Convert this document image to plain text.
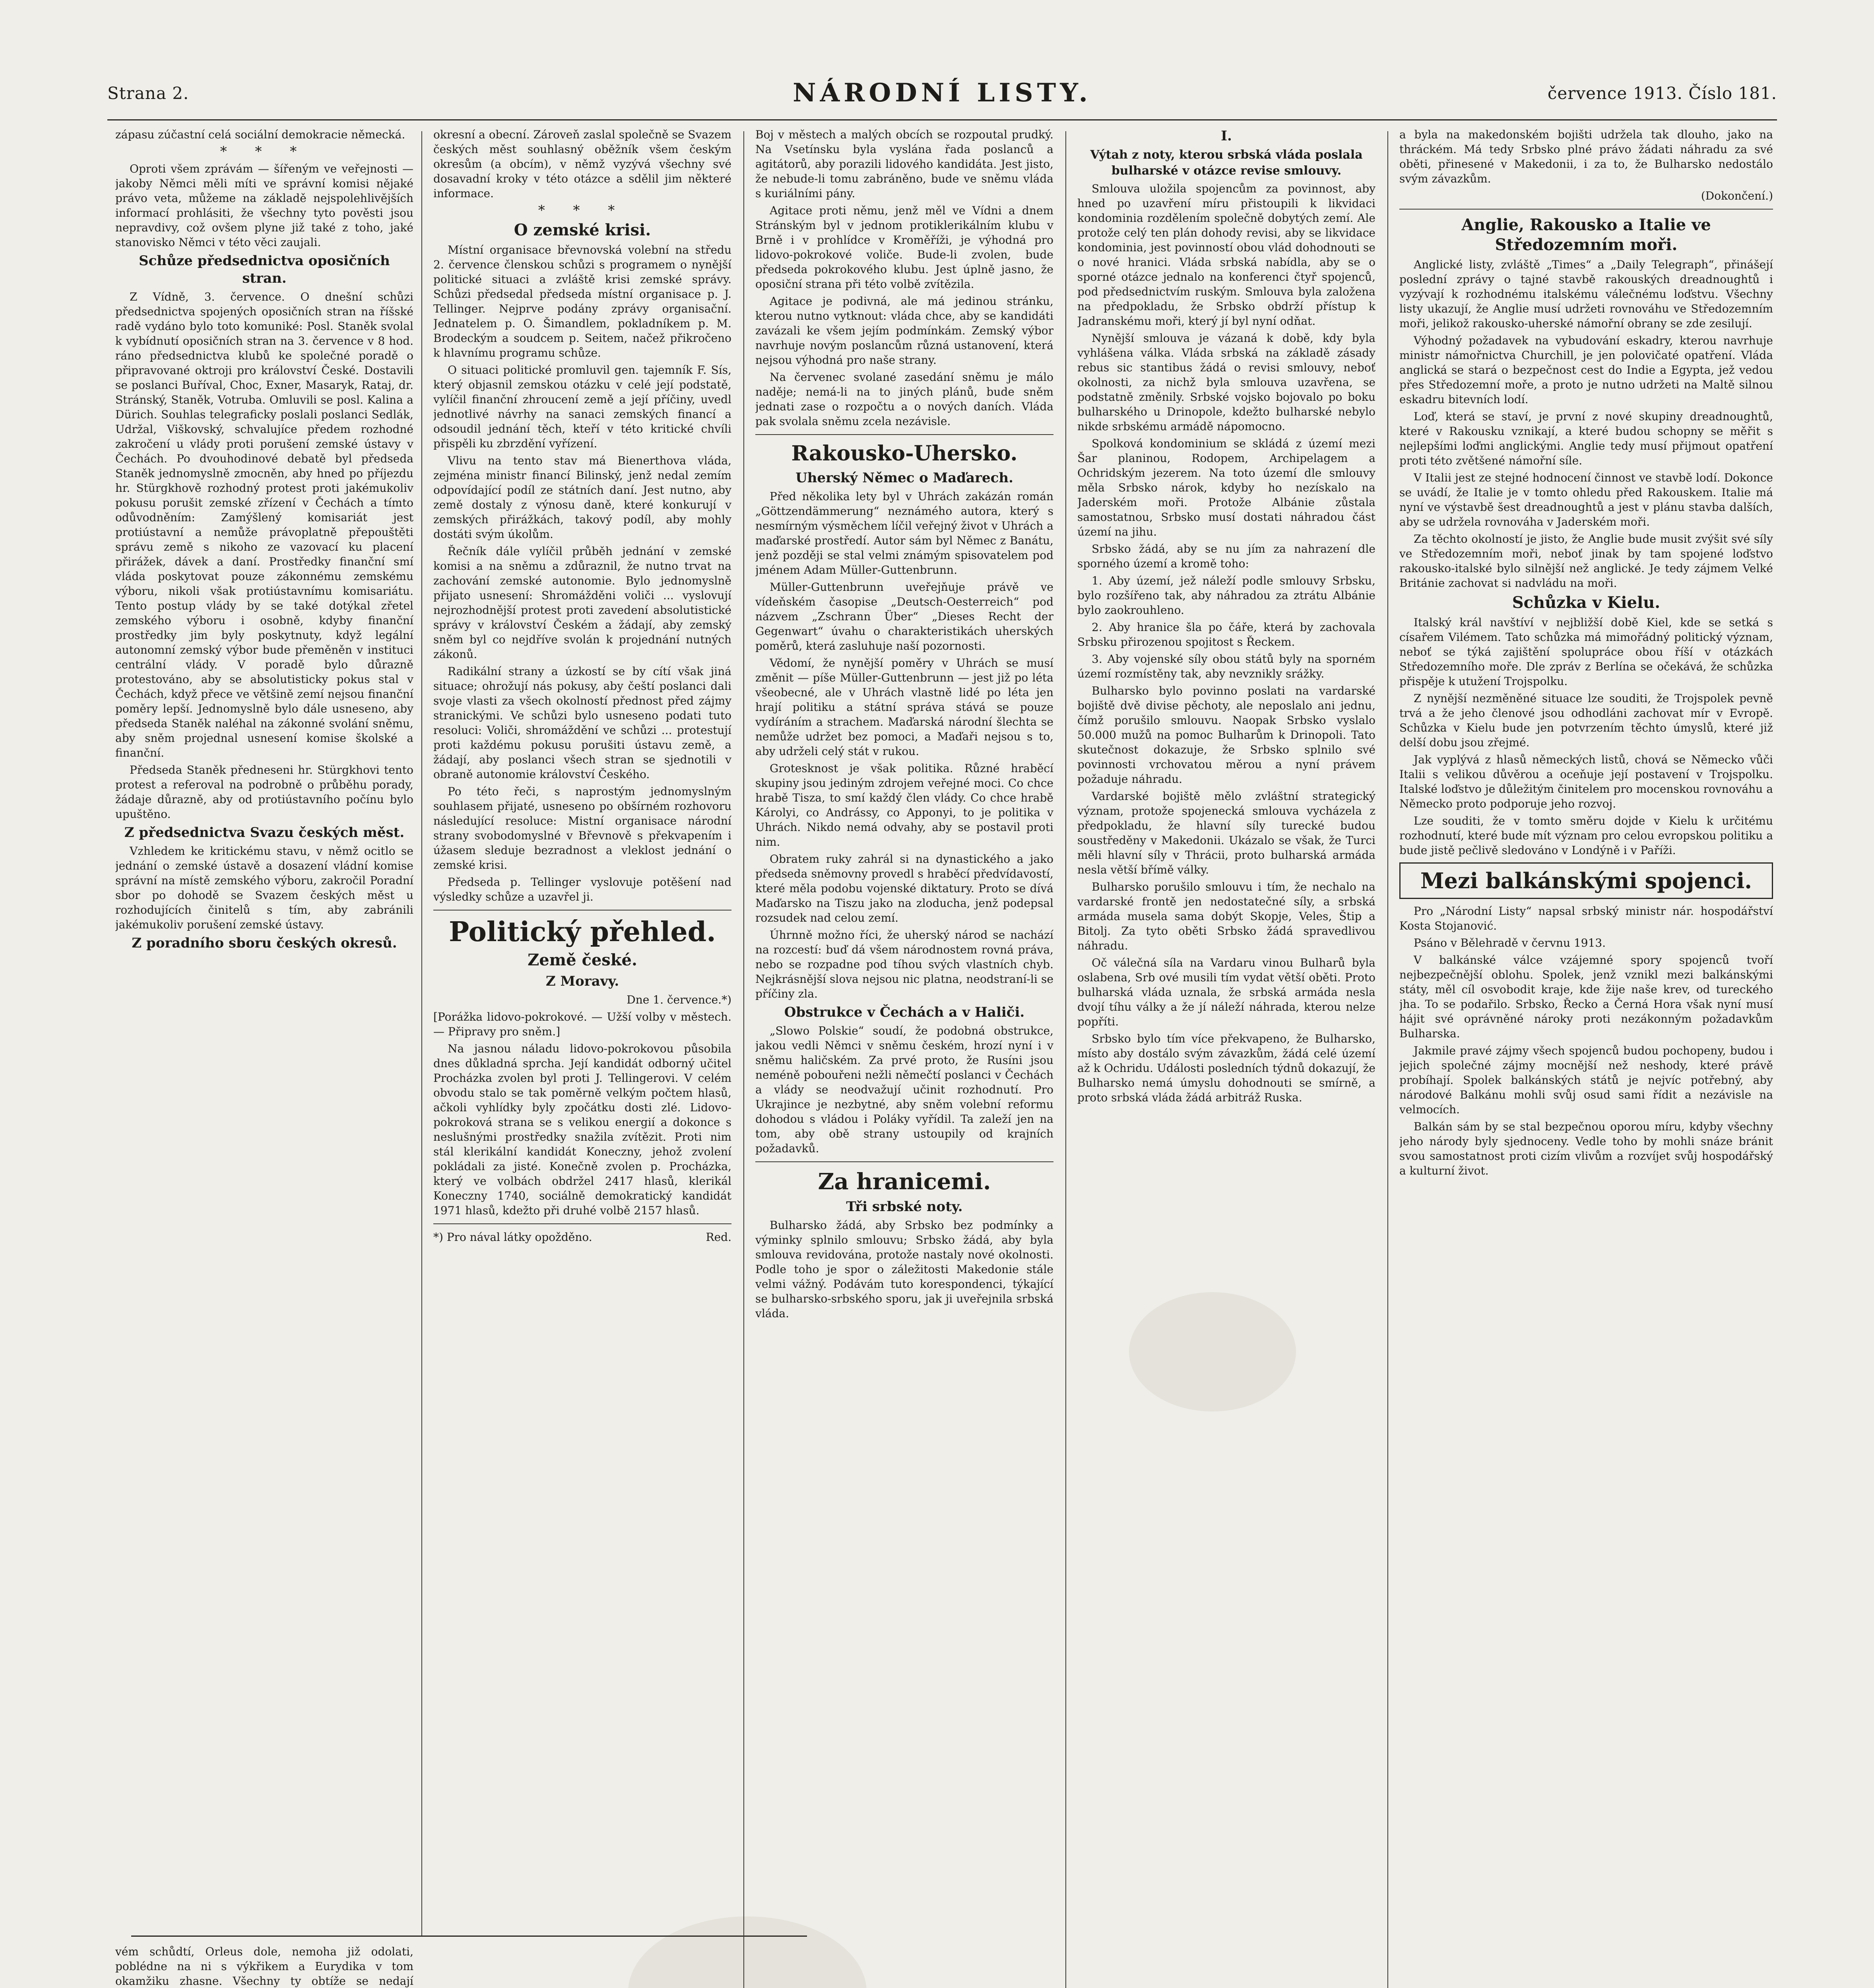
Strana 2.	NÁRODNÍ LISTY.	července 1913. Číslo 181.

zápasu zúčastní celá sociální demokracie německá.

* * *

Oproti všem zprávám — šířeným ve veřejnosti — jakoby Němci měli míti ve správní komisi nějaké právo veta, můžeme na základě nejspolehlivějších informací prohlásiti, že všechny tyto pověsti jsou nepravdivy, což ovšem plyne již také z toho, jaké stanovisko Němci v této věci zaujali.

Schůze předsednictva oposičních stran.

Z Vídně, 3. července. O dnešní schůzi předsednictva spojených oposičních stran na říšské radě vydáno bylo toto komuniké: Posl. Staněk svolal k vybídnutí oposičních stran na 3. července v 8 hod. ráno předsednictva klubů ke společné poradě o připravované oktroji pro království České. Dostavili se poslanci Buříval, Choc, Exner, Masaryk, Rataj, dr. Stránský, Staněk, Votruba. Omluvili se posl. Kalina a Dürich. Souhlas telegraficky poslali poslanci Sedlák, Udržal, Viškovský, schvalujíce předem rozhodné zakročení u vlády proti porušení zemské ústavy v Čechách. Po dvouhodinové debatě byl předseda Staněk jednomyslně zmocněn, aby hned po příjezdu hr. Stürgkhově rozhodný protest proti jakémukoliv pokusu porušit zemské zřízení v Čechách a tímto odůvodněním: Zamýšlený komisariát jest protiústavní a nemůže právoplatně přepouštěti správu země s nikoho ze vazovací ku placení přirážek, dávek a daní. Prostředky finanční smí vláda poskytovat pouze zákonnému zemskému výboru, nikoli však protiústavnímu komisariátu. Tento postup vlády by se také dotýkal zřetel zemského výboru i osobně, kdyby finanční prostředky jim byly poskytnuty, když legální autonomní zemský výbor bude přeměněn v instituci centrální vlády. V poradě bylo důrazně protestováno, aby se absolutisticky pokus stal v Čechách, když přece ve většině zemí nejsou finanční poměry lepší. Jednomyslně bylo dále usneseno, aby předseda Staněk naléhal na zákonné svolání sněmu, aby sněm projednal usnesení komise školské a finanční.

Předseda Staněk předneseni hr. Stürgkhovi tento protest a referoval na podrobně o průběhu porady, žádaje důrazně, aby od protiústavního počínu bylo upuštěno.

Z předsednictva Svazu českých měst.

Vzhledem ke kritickému stavu, v němž ocitlo se jednání o zemské ústavě a dosazení vládní komise správní na místě zemského výboru, zakročil Poradní sbor po dohodě se Svazem českých měst u rozhodujících činitelů s tím, aby zabránili jakémukoliv porušení zemské ústavy.

Z poradního sboru českých okresů.

vém schůdtí, Orleus dole, nemoha již odolati, poblédne na ni s výkřikem a Eurydika v tom okamžiku zhasne. Všechny ty obtíže se nedají

okresní a obecní. Zároveň zaslal společně se Svazem českých měst souhlasný oběžník všem českým okresům (a obcím), v němž vyzývá všechny své dosavadní kroky v této otázce a sdělil jim některé informace.

* * *

O zemské krisi.

Místní organisace břevnovská volební na středu 2. července členskou schůzi s programem o nynější politické situaci a zvláště krisi zemské správy. Schůzi předsedal předseda místní organisace p. J. Tellinger. Nejprve podány zprávy organisační. Jednatelem p. O. Šimandlem, pokladníkem p. M. Brodeckým a soudcem p. Seitem, načež přikročeno k hlavnímu programu schůze.

O situaci politické promluvil gen. tajemník F. Sís, který objasnil zemskou otázku v celé její podstatě, vylíčil finanční zhroucení země a její příčiny, uvedl jednotlivé návrhy na sanaci zemských financí a odsoudil jednání těch, kteří v této kritické chvíli přispěli ku zbrzdění vyřízení.

Vlivu na tento stav má Bienerthova vláda, zejména ministr financí Bilinský, jenž nedal zemím odpovídající podíl ze státních daní. Jest nutno, aby země dostaly z výnosu daně, které konkurují v zemských přirážkách, takový podíl, aby mohly dostáti svým úkolům.

Řečník dále vylíčil průběh jednání v zemské komisi a na sněmu a zdůraznil, že nutno trvat na zachování zemské autonomie. Bylo jednomyslně přijato usnesení: Shromážděni voliči ... vyslovují nejrozhodnější protest proti zavedení absolutistické správy v království Českém a žádají, aby zemský sněm byl co nejdříve svolán k projednání nutných zákonů.

Radikální strany a úzkostí se by cítí však jiná situace; ohrožují nás pokusy, aby čeští poslanci dali svoje vlasti za všech okolností přednost před zájmy stranickými. Ve schůzi bylo usneseno podati tuto resoluci: Voliči, shromáždění ve schůzi ... protestují proti každému pokusu porušiti ústavu země, a žádají, aby poslanci všech stran se sjednotili v obraně autonomie království Českého.

Po této řeči, s naprostým jednomyslným souhlasem přijaté, usneseno po obšírném rozhovoru následující resoluce: Mistní organisace národní strany svobodomyslné v Břevnově s překvapením i úžasem sleduje bezradnost a vleklost jednání o zemské krisi.

Předseda p. Tellinger vyslovuje potěšení nad výsledky schůze a uzavřel ji.

Politický přehled.

Země české.

Z Moravy.

Dne 1. července.*)

[Porážka lidovo-pokrokové. — Užší volby v městech. — Připravy pro sněm.]

Na jasnou náladu lidovo-pokrokovou působila dnes důkladná sprcha. Její kandidát odborný učitel Procházka zvolen byl proti J. Tellingerovi. V celém obvodu stalo se tak poměrně velkým počtem hlasů, ačkoli vyhlídky byly zpočátku dosti zlé. Lidovo-pokroková strana se s velikou energií a dokonce s neslušnými prostředky snažila zvítězit. Proti nim stál klerikální kandidát Koneczny, jehož zvolení pokládali za jisté. Konečně zvolen p. Procházka, který ve volbách obdržel 2417 hlasů, klerikál Koneczny 1740, sociálně demokratický kandidát 1971 hlasů, kdežto při druhé volbě 2157 hlasů.

*) Pro nával látky opožděno.	Red.

Boj v městech a malých obcích se rozpoutal prudký. Na Vsetínsku byla vyslána řada poslanců a agitátorů, aby porazili lidového kandidáta. Jest jisto, že nebude-li tomu zabráněno, bude ve sněmu vláda s kuriálními pány.

Agitace proti němu, jenž měl ve Vídni a dnem Stránským byl v jednom protiklerikálním klubu v Brně i v prohlídce v Kroměříži, je výhodná pro lidovo-pokrokové voliče. Bude-li zvolen, bude předseda pokrokového klubu. Jest úplně jasno, že oposiční strana při této volbě zvítězila.

Agitace je podivná, ale má jedinou stránku, kterou nutno vytknout: vláda chce, aby se kandidáti zavázali ke všem jejím podmínkám. Zemský výbor navrhuje novým poslancům různá ustanovení, která nejsou výhodná pro naše strany.

Na červenec svolané zasedání sněmu je málo naděje; nemá-li na to jiných plánů, bude sněm jednati zase o rozpočtu a o nových daních. Vláda pak svolala sněmu zcela nezávisle.

Rakousko-Uhersko.

Uherský Němec o Maďarech.

Před několika lety byl v Uhrách zakázán román „Göttzendämmerung“ neznámého autora, který s nesmírným výsměchem líčil veřejný život v Uhrách a maďarské prostředí. Autor sám byl Němec z Banátu, jenž později se stal velmi známým spisovatelem pod jménem Adam Müller-Guttenbrunn.

Müller-Guttenbrunn uveřejňuje právě ve vídeňském časopise „Deutsch-Oesterreich“ pod názvem „Zschrann Über“ „Dieses Recht der Gegenwart“ úvahu o charakteristikách uherských poměrů, která zasluhuje naší pozornosti.

Vědomí, že nynější poměry v Uhrách se musí změnit — píše Müller-Guttenbrunn — jest již po léta všeobecné, ale v Uhrách vlastně lidé po léta jen hrají politiku a státní správa stává se pouze vydíráním a strachem. Maďarská národní šlechta se nemůže udržet bez pomoci, a Maďaři nejsou s to, aby udrželi celý stát v rukou.

Grotesknost je však politika. Různé hraběcí skupiny jsou jediným zdrojem veřejné moci. Co chce hrabě Tisza, to smí každý člen vlády. Co chce hrabě Károlyi, co Andrássy, co Apponyi, to je politika v Uhrách. Nikdo nemá odvahy, aby se postavil proti nim.

Obratem ruky zahrál si na dynastického a jako předseda sněmovny provedl s hraběcí předvídavostí, které měla podobu vojenské diktatury. Proto se dívá Maďarsko na Tiszu jako na zloducha, jenž podepsal rozsudek nad celou zemí.

Úhrnně možno říci, že uherský národ se nachází na rozcestí: buď dá všem národnostem rovná práva, nebo se rozpadne pod tíhou svých vlastních chyb. Nejkrásnější slova nejsou nic platna, neodstraní-li se příčiny zla.

Obstrukce v Čechách a v Haliči.

„Slowo Polskie“ soudí, že podobná obstrukce, jakou vedli Němci v sněmu českém, hrozí nyní i v sněmu haličském. Za prvé proto, že Rusíni jsou neméně pobouřeni nežli němečtí poslanci v Čechách a vlády se neodvažují učinit rozhodnutí. Pro Ukrajince je nezbytné, aby sněm volební reformu dohodou s vládou i Poláky vyřídil. Ta zaleží jen na tom, aby obě strany ustoupily od krajních požadavků.

Za hranicemi.

Tři srbské noty.

Bulharsko žádá, aby Srbsko bez podmínky a výminky splnilo smlouvu; Srbsko žádá, aby byla smlouva revidována, protože nastaly nové okolnosti. Podle toho je spor o záležitosti Makedonie stále velmi vážný. Podávám tuto korespondenci, týkající se bulharsko-srbského sporu, jak ji uveřejnila srbská vláda.

I.

Výtah z noty, kterou srbská vláda poslala bulharské v otázce revise smlouvy.

Smlouva uložila spojencům za povinnost, aby hned po uzavření míru přistoupili k likvidaci kondominia rozdělením společně dobytých zemí. Ale protože celý ten plán dohody revisi, aby se likvidace kondominia, jest povinností obou vlád dohodnouti se o nové hranici. Vláda srbská nabídla, aby se o sporné otázce jednalo na konferenci čtyř spojenců, pod předsednictvím ruským. Smlouva byla založena na předpokladu, že Srbsko obdrží přístup k Jadranskému moři, který jí byl nyní odňat.

Nynější smlouva je vázaná k době, kdy byla vyhlášena válka. Vláda srbská na základě zásady rebus sic stantibus žádá o revisi smlouvy, neboť okolnosti, za nichž byla smlouva uzavřena, se podstatně změnily. Srbské vojsko bojovalo po boku bulharského u Drinopole, kdežto bulharské nebylo nikde srbskému armádě nápomocno.

Spolková kondominium se skládá z území mezi Šar planinou, Rodopem, Archipelagem a Ochridským jezerem. Na toto území dle smlouvy měla Srbsko nárok, kdyby ho nezískalo na Jaderském moři. Protože Albánie zůstala samostatnou, Srbsko musí dostati náhradou část území na jihu.

Srbsko žádá, aby se nu jím za nahrazení dle sporného území a kromě toho:

1. Aby území, jež náleží podle smlouvy Srbsku, bylo rozšířeno tak, aby náhradou za ztrátu Albánie bylo zaokrouhleno.

2. Aby hranice šla po čáře, která by zachovala Srbsku přirozenou spojitost s Řeckem.

3. Aby vojenské síly obou států byly na sporném území rozmístěny tak, aby nevznikly srážky.

Bulharsko bylo povinno poslati na vardarské bojiště dvě divise pěchoty, ale neposlalo ani jednu, čímž porušilo smlouvu. Naopak Srbsko vyslalo 50.000 mužů na pomoc Bulharům k Drinopoli. Tato skutečnost dokazuje, že Srbsko splnilo své povinnosti vrchovatou měrou a nyní právem požaduje náhradu.

Vardarské bojiště mělo zvláštní strategický význam, protože spojenecká smlouva vycházela z předpokladu, že hlavní síly turecké budou soustředěny v Makedonii. Ukázalo se však, že Turci měli hlavní síly v Thrácii, proto bulharská armáda nesla větší břímě války.

Bulharsko porušilo smlouvu i tím, že nechalo na vardarské frontě jen nedostatečné síly, a srbská armáda musela sama dobýt Skopje, Veles, Štip a Bitolj. Za tyto oběti Srbsko žádá spravedlivou náhradu.

Oč válečná síla na Vardaru vinou Bulharů byla oslabena, Srb ové musili tím vydat větší oběti. Proto bulharská vláda uznala, že srbská armáda nesla dvojí tíhu války a že jí náleží náhrada, kterou nelze popříti.

Srbsko bylo tím více překvapeno, že Bulharsko, místo aby dostálo svým závazkům, žádá celé území až k Ochridu. Události posledních týdnů dokazují, že Bulharsko nemá úmyslu dohodnouti se smírně, a proto srbská vláda žádá arbitráž Ruska.

a byla na makedonském bojišti udržela tak dlouho, jako na thráckém. Má tedy Srbsko plné právo žádati náhradu za své oběti, přinesené v Makedonii, i za to, že Bulharsko nedostálo svým závazkům.

(Dokončení.)

Anglie, Rakousko a Italie ve Středozemním moři.

Anglické listy, zvláště „Times“ a „Daily Telegraph“, přinášejí poslední zprávy o tajné stavbě rakouských dreadnoughtů i vyzývají k rozhodnému italskému válečnému loďstvu. Všechny listy ukazují, že Anglie musí udržeti rovnováhu ve Středozemním moři, jelikož rakousko-uherské námořní obrany se zde zesilují.

Výhodný požadavek na vybudování eskadry, kterou navrhuje ministr námořnictva Churchill, je jen polovičaté opatření. Vláda anglická se stará o bezpečnost cest do Indie a Egypta, jež vedou přes Středozemní moře, a proto je nutno udržeti na Maltě silnou eskadru bitevních lodí.

Loď, která se staví, je první z nové skupiny dreadnoughtů, které v Rakousku vznikají, a které budou schopny se měřit s nejlepšími loďmi anglickými. Anglie tedy musí přijmout opatření proti této zvětšené námořní síle.

V Italii jest ze stejné hodnocení činnost ve stavbě lodí. Dokonce se uvádí, že Italie je v tomto ohledu před Rakouskem. Italie má nyní ve výstavbě šest dreadnoughtů a jest v plánu stavba dalších, aby se udržela rovnováha v Jaderském moři.

Za těchto okolností je jisto, že Anglie bude musit zvýšit své síly ve Středozemním moři, neboť jinak by tam spojené loďstvo rakousko-italské bylo silnější než anglické. Je tedy zájmem Velké Británie zachovat si nadvládu na moři.

Schůzka v Kielu.

Italský král navštíví v nejbližší době Kiel, kde se setká s císařem Vilémem. Tato schůzka má mimořádný politický význam, neboť se týká zajištění spolupráce obou říší v otázkách Středozemního moře. Dle zpráv z Berlína se očekává, že schůzka přispěje k utužení Trojspolku.

Z nynější nezměněné situace lze souditi, že Trojspolek pevně trvá a že jeho členové jsou odhodláni zachovat mír v Evropě. Schůzka v Kielu bude jen potvrzením těchto úmyslů, které již delší dobu jsou zřejmé.

Jak vyplývá z hlasů německých listů, chová se Německo vůči Italii s velikou důvěrou a oceňuje její postavení v Trojspolku. Italské loďstvo je důležitým činitelem pro mocenskou rovnováhu a Německo proto podporuje jeho rozvoj.

Lze souditi, že v tomto směru dojde v Kielu k určitému rozhodnutí, které bude mít význam pro celou evropskou politiku a bude jistě pečlivě sledováno v Londýně i v Paříži.

Mezi balkánskými spojenci.

Pro „Národní Listy“ napsal srbský ministr nár. hospodářství Kosta Stojanović.

Psáno v Bělehradě v červnu 1913.

V balkánské válce vzájemné spory spojenců tvoří nejbezpečnější oblohu. Spolek, jenž vznikl mezi balkánskými státy, měl cíl osvobodit kraje, kde žije naše krev, od tureckého jha. To se podařilo. Srbsko, Řecko a Černá Hora však nyní musí hájit své oprávněné nároky proti nezákonným požadavkům Bulharska.

Jakmile pravé zájmy všech spojenců budou pochopeny, budou i jejich společné zájmy mocnější než neshody, které právě probíhají. Spolek balkánských států je nejvíc potřebný, aby národové Balkánu mohli svůj osud sami řídit a nezávisle na velmocích.

Balkán sám by se stal bezpečnou oporou míru, kdyby všechny jeho národy byly sjednoceny. Vedle toho by mohli snáze bránit svou samostatnost proti cizím vlivům a rozvíjet svůj hospodářský a kulturní život.
